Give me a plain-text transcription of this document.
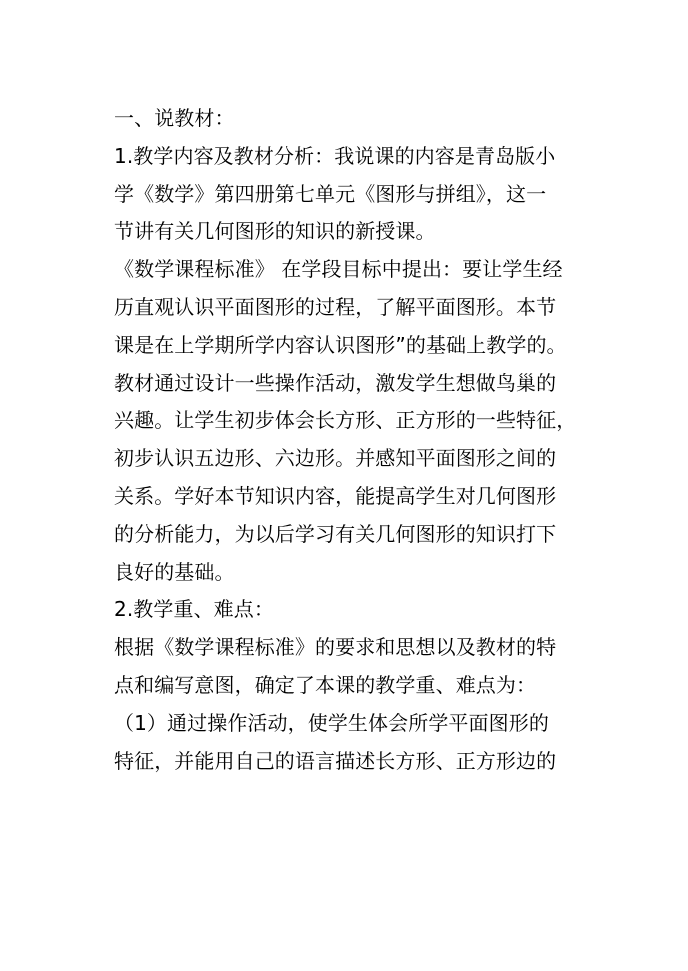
一、说教材：
1.教学内容及教材分析：我说课的内容是青岛版小
学《数学》第四册第七单元《图形与拼组》，这一
节讲有关几何图形的知识的新授课。
《数学课程标准》 在学段目标中提出：要让学生经
历直观认识平面图形的过程，了解平面图形。本节
课是在上学期所学内容认识图形”的基础上教学的。
教材通过设计一些操作活动，激发学生想做鸟巢的
兴趣。让学生初步体会长方形、正方形的一些特征，
初步认识五边形、六边形。并感知平面图形之间的
关系。学好本节知识内容，能提高学生对几何图形
的分析能力，为以后学习有关几何图形的知识打下
良好的基础。
2.教学重、难点：
根据《数学课程标准》的要求和思想以及教材的特
点和编写意图，确定了本课的教学重、难点为：
（1）通过操作活动，使学生体会所学平面图形的
特征，并能用自己的语言描述长方形、正方形边的
